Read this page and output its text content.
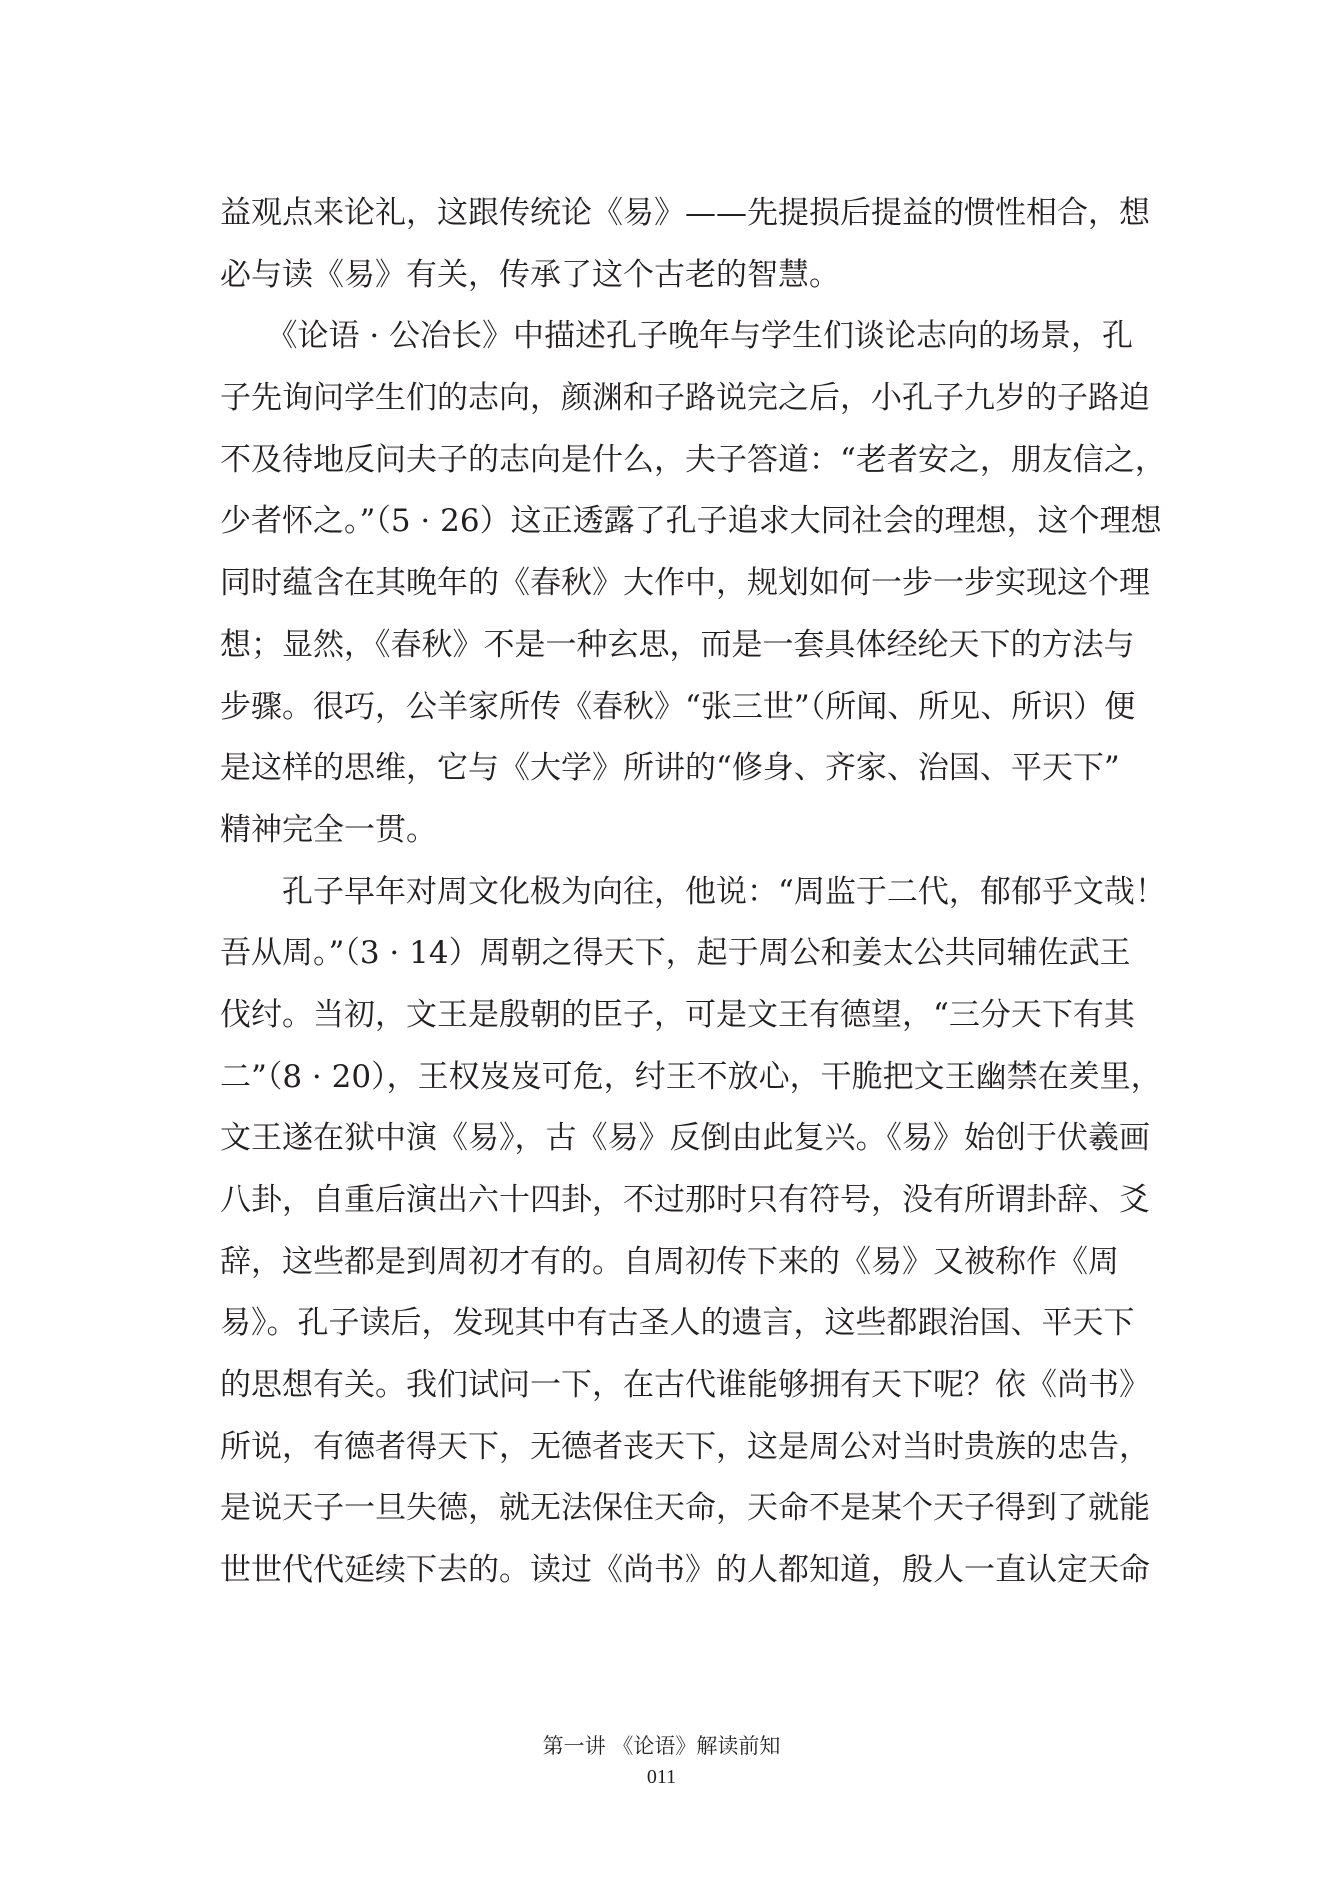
益观点来论礼，这跟传统论《易》——先提损后提益的惯性相合，想
必与读《易》有关，传承了这个古老的智慧。
　　《论语 · 公冶长》中描述孔子晚年与学生们谈论志向的场景，孔
子先询问学生们的志向，颜渊和子路说完之后，小孔子九岁的子路迫
不及待地反问夫子的志向是什么，夫子答道：“老者安之，朋友信之，
少者怀之。”（5 · 26）这正透露了孔子追求大同社会的理想，这个理想
同时蕴含在其晚年的《春秋》大作中，规划如何一步一步实现这个理
想；显然，《春秋》不是一种玄思，而是一套具体经纶天下的方法与
步骤。很巧，公羊家所传《春秋》“张三世”（所闻、所见、所识）便
是这样的思维，它与《大学》所讲的“修身、齐家、治国、平天下”
精神完全一贯。
　　孔子早年对周文化极为向往，他说：“周监于二代，郁郁乎文哉！
吾从周。”（3 · 14）周朝之得天下，起于周公和姜太公共同辅佐武王
伐纣。当初，文王是殷朝的臣子，可是文王有德望，“三分天下有其
二”（8 · 20），王权岌岌可危，纣王不放心，干脆把文王幽禁在羑里，
文王遂在狱中演《易》，古《易》反倒由此复兴。《易》始创于伏羲画
八卦，自重后演出六十四卦，不过那时只有符号，没有所谓卦辞、爻
辞，这些都是到周初才有的。自周初传下来的《易》又被称作《周
易》。孔子读后，发现其中有古圣人的遗言，这些都跟治国、平天下
的思想有关。我们试问一下，在古代谁能够拥有天下呢？依《尚书》
所说，有德者得天下，无德者丧天下，这是周公对当时贵族的忠告，
是说天子一旦失德，就无法保住天命，天命不是某个天子得到了就能
世世代代延续下去的。读过《尚书》的人都知道，殷人一直认定天命
第一讲 《论语》解读前知
011
